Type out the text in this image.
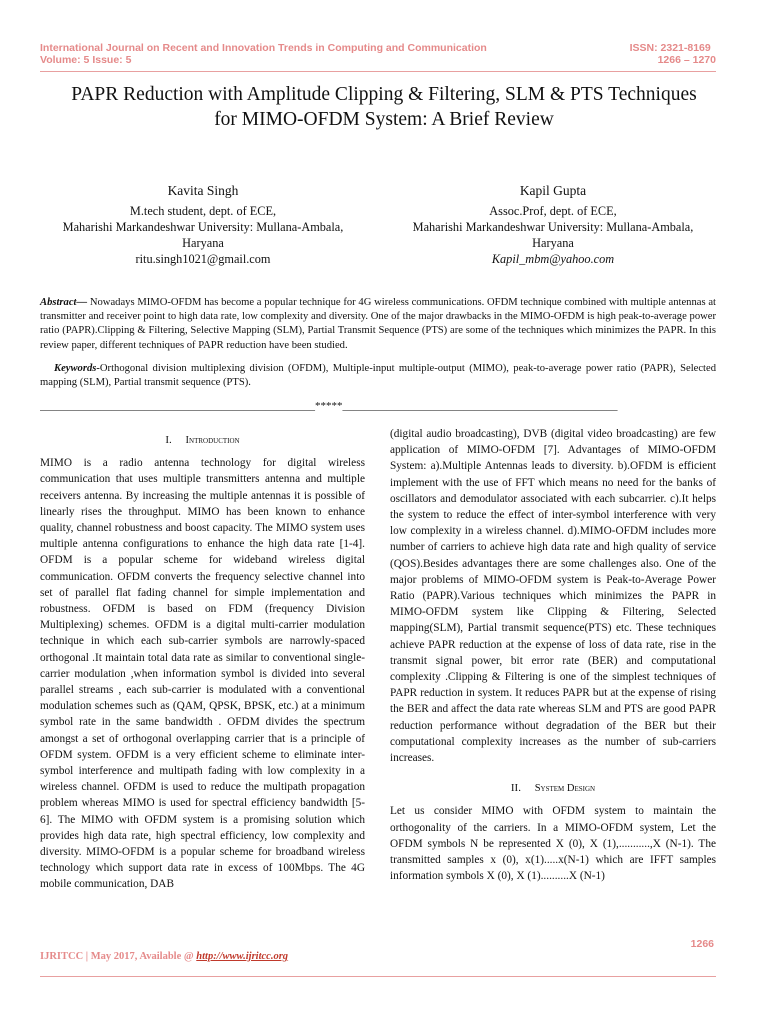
International Journal on Recent and Innovation Trends in Computing and Communication
Volume: 5 Issue: 5
ISSN: 2321-8169
1266 – 1270
PAPR Reduction with Amplitude Clipping & Filtering, SLM & PTS Techniques
for MIMO-OFDM System: A Brief Review
Kavita Singh
M.tech student, dept. of ECE,
Maharishi Markandeshwar University: Mullana-Ambala,
Haryana
ritu.singh1021@gmail.com
Kapil Gupta
Assoc.Prof, dept. of ECE,
Maharishi Markandeshwar University: Mullana-Ambala,
Haryana
Kapil_mbm@yahoo.com
Abstract— Nowadays MIMO-OFDM has become a popular technique for 4G wireless communications. OFDM technique combined with multiple antennas at transmitter and receiver point to high data rate, low complexity and diversity. One of the major drawbacks in the MIMO-OFDM is high peak-to-average power ratio (PAPR).Clipping & Filtering, Selective Mapping (SLM), Partial Transmit Sequence (PTS) are some of the techniques which minimizes the PAPR. In this review paper, different techniques of PAPR reduction have been studied.
Keywords-Orthogonal division multiplexing division (OFDM), Multiple-input multiple-output (MIMO), peak-to-average power ratio (PAPR), Selected mapping (SLM), Partial transmit sequence (PTS).
__________________________________________________*****__________________________________________________
I. Introduction

MIMO is a radio antenna technology for digital wireless communication that uses multiple transmitters antenna and multiple receivers antenna. By increasing the multiple antennas it is possible of linearly rises the throughput. MIMO has been known to enhance quality, channel robustness and boost capacity. The MIMO system uses multiple antenna configurations to enhance the high data rate [1-4]. OFDM is a popular scheme for wideband wireless digital communication. OFDM converts the frequency selective channel into set of parallel flat fading channel for simple implementation and robustness. OFDM is based on FDM (frequency Division Multiplexing) schemes. OFDM is a digital multi-carrier modulation technique in which each sub-carrier symbols are narrowly-spaced orthogonal .It maintain total data rate as similar to conventional single-carrier modulation ,when information symbol is divided into several parallel streams , each sub-carrier is modulated with a conventional modulation schemes such as (QAM, QPSK, BPSK, etc.) at a minimum symbol rate in the same bandwidth . OFDM divides the spectrum amongst a set of orthogonal overlapping carrier that is a principle of OFDM system. OFDM is a very efficient scheme to eliminate inter-symbol interference and multipath fading with low complexity in a wireless channel. OFDM is used to reduce the multipath propagation problem whereas MIMO is used for spectral efficiency bandwidth [5-6]. The MIMO with OFDM system is a promising solution which provides high data rate, high spectral efficiency, low complexity and diversity. MIMO-OFDM is a popular scheme for broadband wireless technology which support data rate in excess of 100Mbps. The 4G mobile communication, DAB

(digital audio broadcasting), DVB (digital video broadcasting) are few application of MIMO-OFDM [7]. Advantages of MIMO-OFDM System: a).Multiple Antennas leads to diversity. b).OFDM is efficient implement with the use of FFT which means no need for the banks of oscillators and demodulator associated with each subcarrier. c).It helps the system to reduce the effect of inter-symbol interference with very low complexity in a wireless channel. d).MIMO-OFDM includes more number of carriers to achieve high data rate and high quality of service (QOS).Besides advantages there are some challenges also. One of the major problems of MIMO-OFDM system is Peak-to-Average Power Ratio (PAPR).Various techniques which minimizes the PAPR in MIMO-OFDM system like Clipping & Filtering, Selected mapping(SLM), Partial transmit sequence(PTS) etc. These techniques achieve PAPR reduction at the expense of loss of data rate, rise in the transmit signal power, bit error rate (BER) and computational complexity .Clipping & Filtering is one of the simplest techniques of PAPR reduction in system. It reduces PAPR but at the expense of rising the BER and affect the data rate whereas SLM and PTS are good PAPR reduction performance without degradation of the BER but their computational complexity increases as the number of sub-carriers increases.

II. System Design

Let us consider MIMO with OFDM system to maintain the orthogonality of the carriers. In a MIMO-OFDM system, Let the OFDM symbols N be represented X (0), X (1),...........,X (N-1). The transmitted samples x (0), x(1).....x(N-1) which are IFFT samples information symbols X (0), X (1)..........X (N-1)

1266
IJRITCC | May 2017, Available @ http://www.ijritcc.org
